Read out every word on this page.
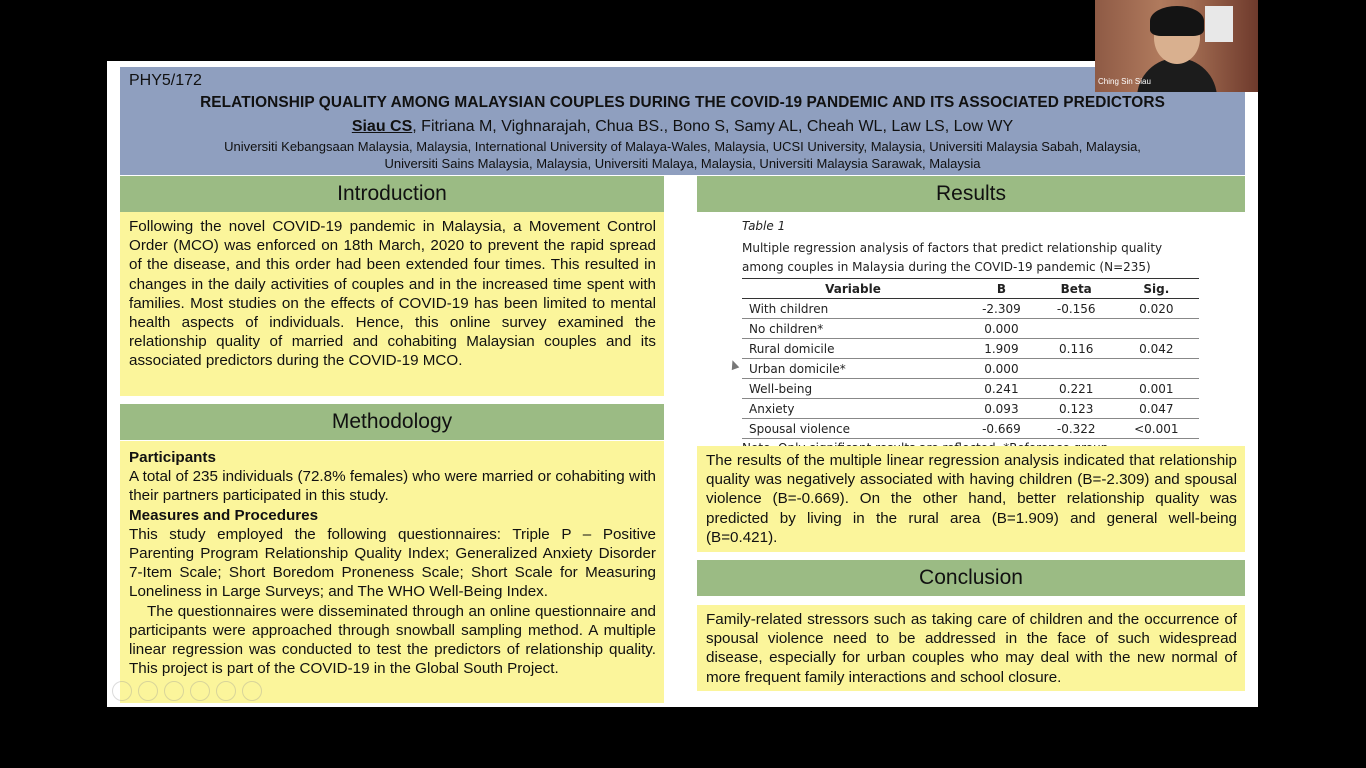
PHY5/172
RELATIONSHIP QUALITY AMONG MALAYSIAN COUPLES DURING THE COVID-19 PANDEMIC AND ITS ASSOCIATED PREDICTORS
Siau CS, Fitriana M, Vighnarajah, Chua BS., Bono S, Samy AL, Cheah WL, Law LS, Low WY
Universiti Kebangsaan Malaysia, Malaysia, International University of Malaya-Wales, Malaysia, UCSI University, Malaysia, Universiti Malaysia Sabah, Malaysia,
Universiti Sains Malaysia, Malaysia, Universiti Malaya, Malaysia, Universiti Malaysia Sarawak, Malaysia
Introduction

Following the novel COVID-19 pandemic in Malaysia, a Movement Control Order (MCO) was enforced on 18th March, 2020 to prevent the rapid spread of the disease, and this order had been extended four times. This resulted in changes in the daily activities of couples and in the increased time spent with families. Most studies on the effects of COVID-19 has been limited to mental health aspects of individuals. Hence, this online survey examined the relationship quality of married and cohabiting Malaysian couples and its associated predictors during the COVID-19 MCO.

Methodology

Participants

A total of 235 individuals (72.8% females) who were married or cohabiting with their partners participated in this study.

Measures and Procedures

This study employed the following questionnaires: Triple P – Positive Parenting Program Relationship Quality Index; Generalized Anxiety Disorder 7-Item Scale; Short Boredom Proneness Scale; Short Scale for Measuring Loneliness in Large Surveys; and The WHO Well-Being Index.

The questionnaires were disseminated through an online questionnaire and participants were approached through snowball sampling method. A multiple linear regression was conducted to test the predictors of relationship quality. This project is part of the COVID-19 in the Global South Project.

Results
Table 1
Multiple regression analysis of factors that predict relationship quality among couples in Malaysia during the COVID-19 pandemic (N=235)
Variable	B	Beta	Sig.
With children	-2.309	-0.156	0.020
No children*	0.000		
Rural domicile	1.909	0.116	0.042
Urban domicile*	0.000		
Well-being	0.241	0.221	0.001
Anxiety	0.093	0.123	0.047
Spousal violence	-0.669	-0.322	<0.001

The results of the multiple linear regression analysis indicated that relationship quality was negatively associated with having children (B=-2.309) and spousal violence (B=-0.669). On the other hand, better relationship quality was predicted by living in the rural area (B=1.909) and general well-being (B=0.421).

Conclusion

Family-related stressors such as taking care of children and the occurrence of spousal violence need to be addressed in the face of such widespread disease, especially for urban couples who may deal with the new normal of more frequent family interactions and school closure.

Ching Sin Siau
